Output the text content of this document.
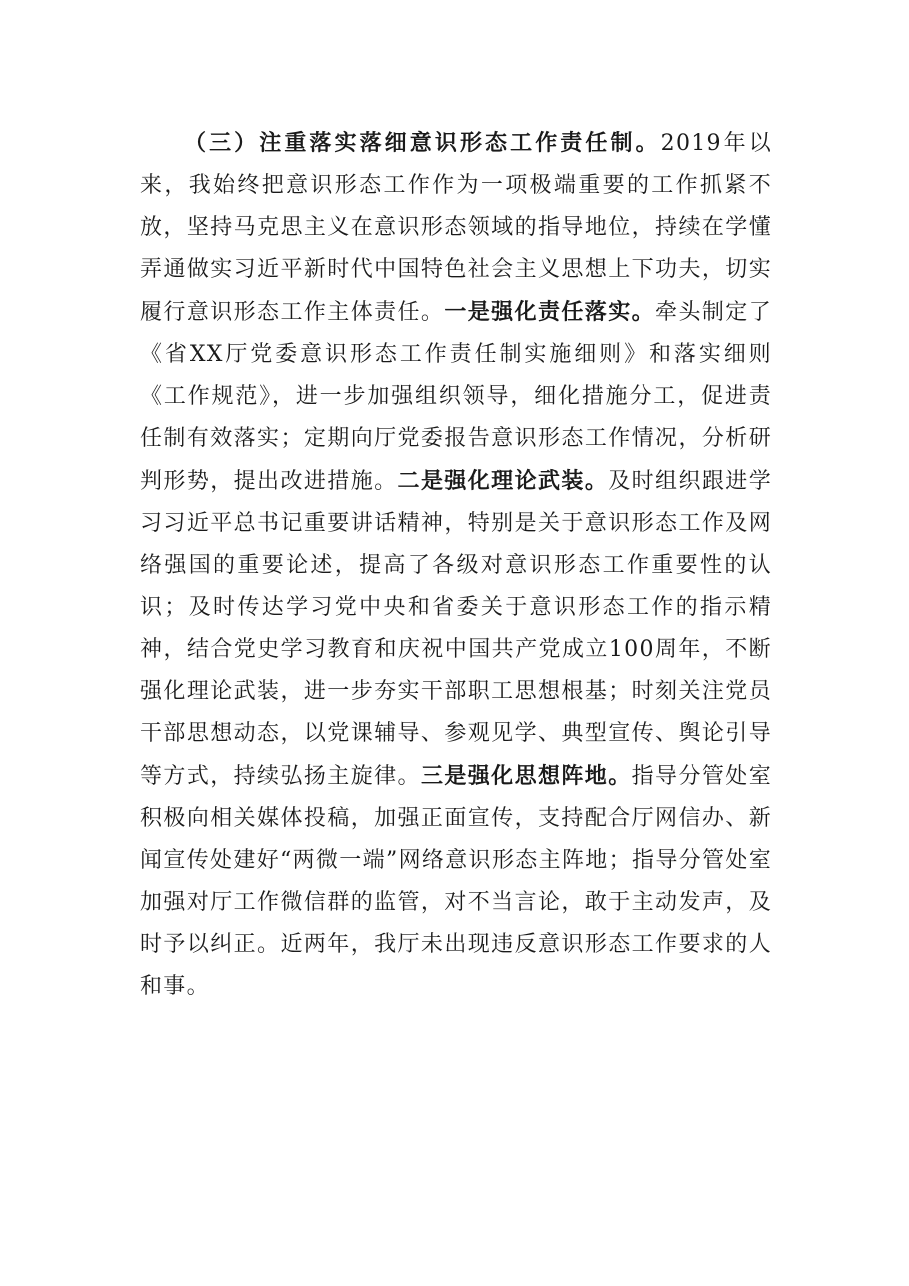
（三）注重落实落细意识形态工作责任制。2019年以来，我始终把意识形态工作作为一项极端重要的工作抓紧不放，坚持马克思主义在意识形态领域的指导地位，持续在学懂弄通做实习近平新时代中国特色社会主义思想上下功夫，切实履行意识形态工作主体责任。一是强化责任落实。牵头制定了《省XX厅党委意识形态工作责任制实施细则》和落实细则《工作规范》，进一步加强组织领导，细化措施分工，促进责任制有效落实；定期向厅党委报告意识形态工作情况，分析研判形势，提出改进措施。二是强化理论武装。及时组织跟进学习习近平总书记重要讲话精神，特别是关于意识形态工作及网络强国的重要论述，提高了各级对意识形态工作重要性的认识；及时传达学习党中央和省委关于意识形态工作的指示精神，结合党史学习教育和庆祝中国共产党成立100周年，不断强化理论武装，进一步夯实干部职工思想根基；时刻关注党员干部思想动态，以党课辅导、参观见学、典型宣传、舆论引导等方式，持续弘扬主旋律。三是强化思想阵地。指导分管处室积极向相关媒体投稿，加强正面宣传，支持配合厅网信办、新闻宣传处建好“两微一端”网络意识形态主阵地；指导分管处室加强对厅工作微信群的监管，对不当言论，敢于主动发声，及时予以纠正。近两年，我厅未出现违反意识形态工作要求的人和事。
